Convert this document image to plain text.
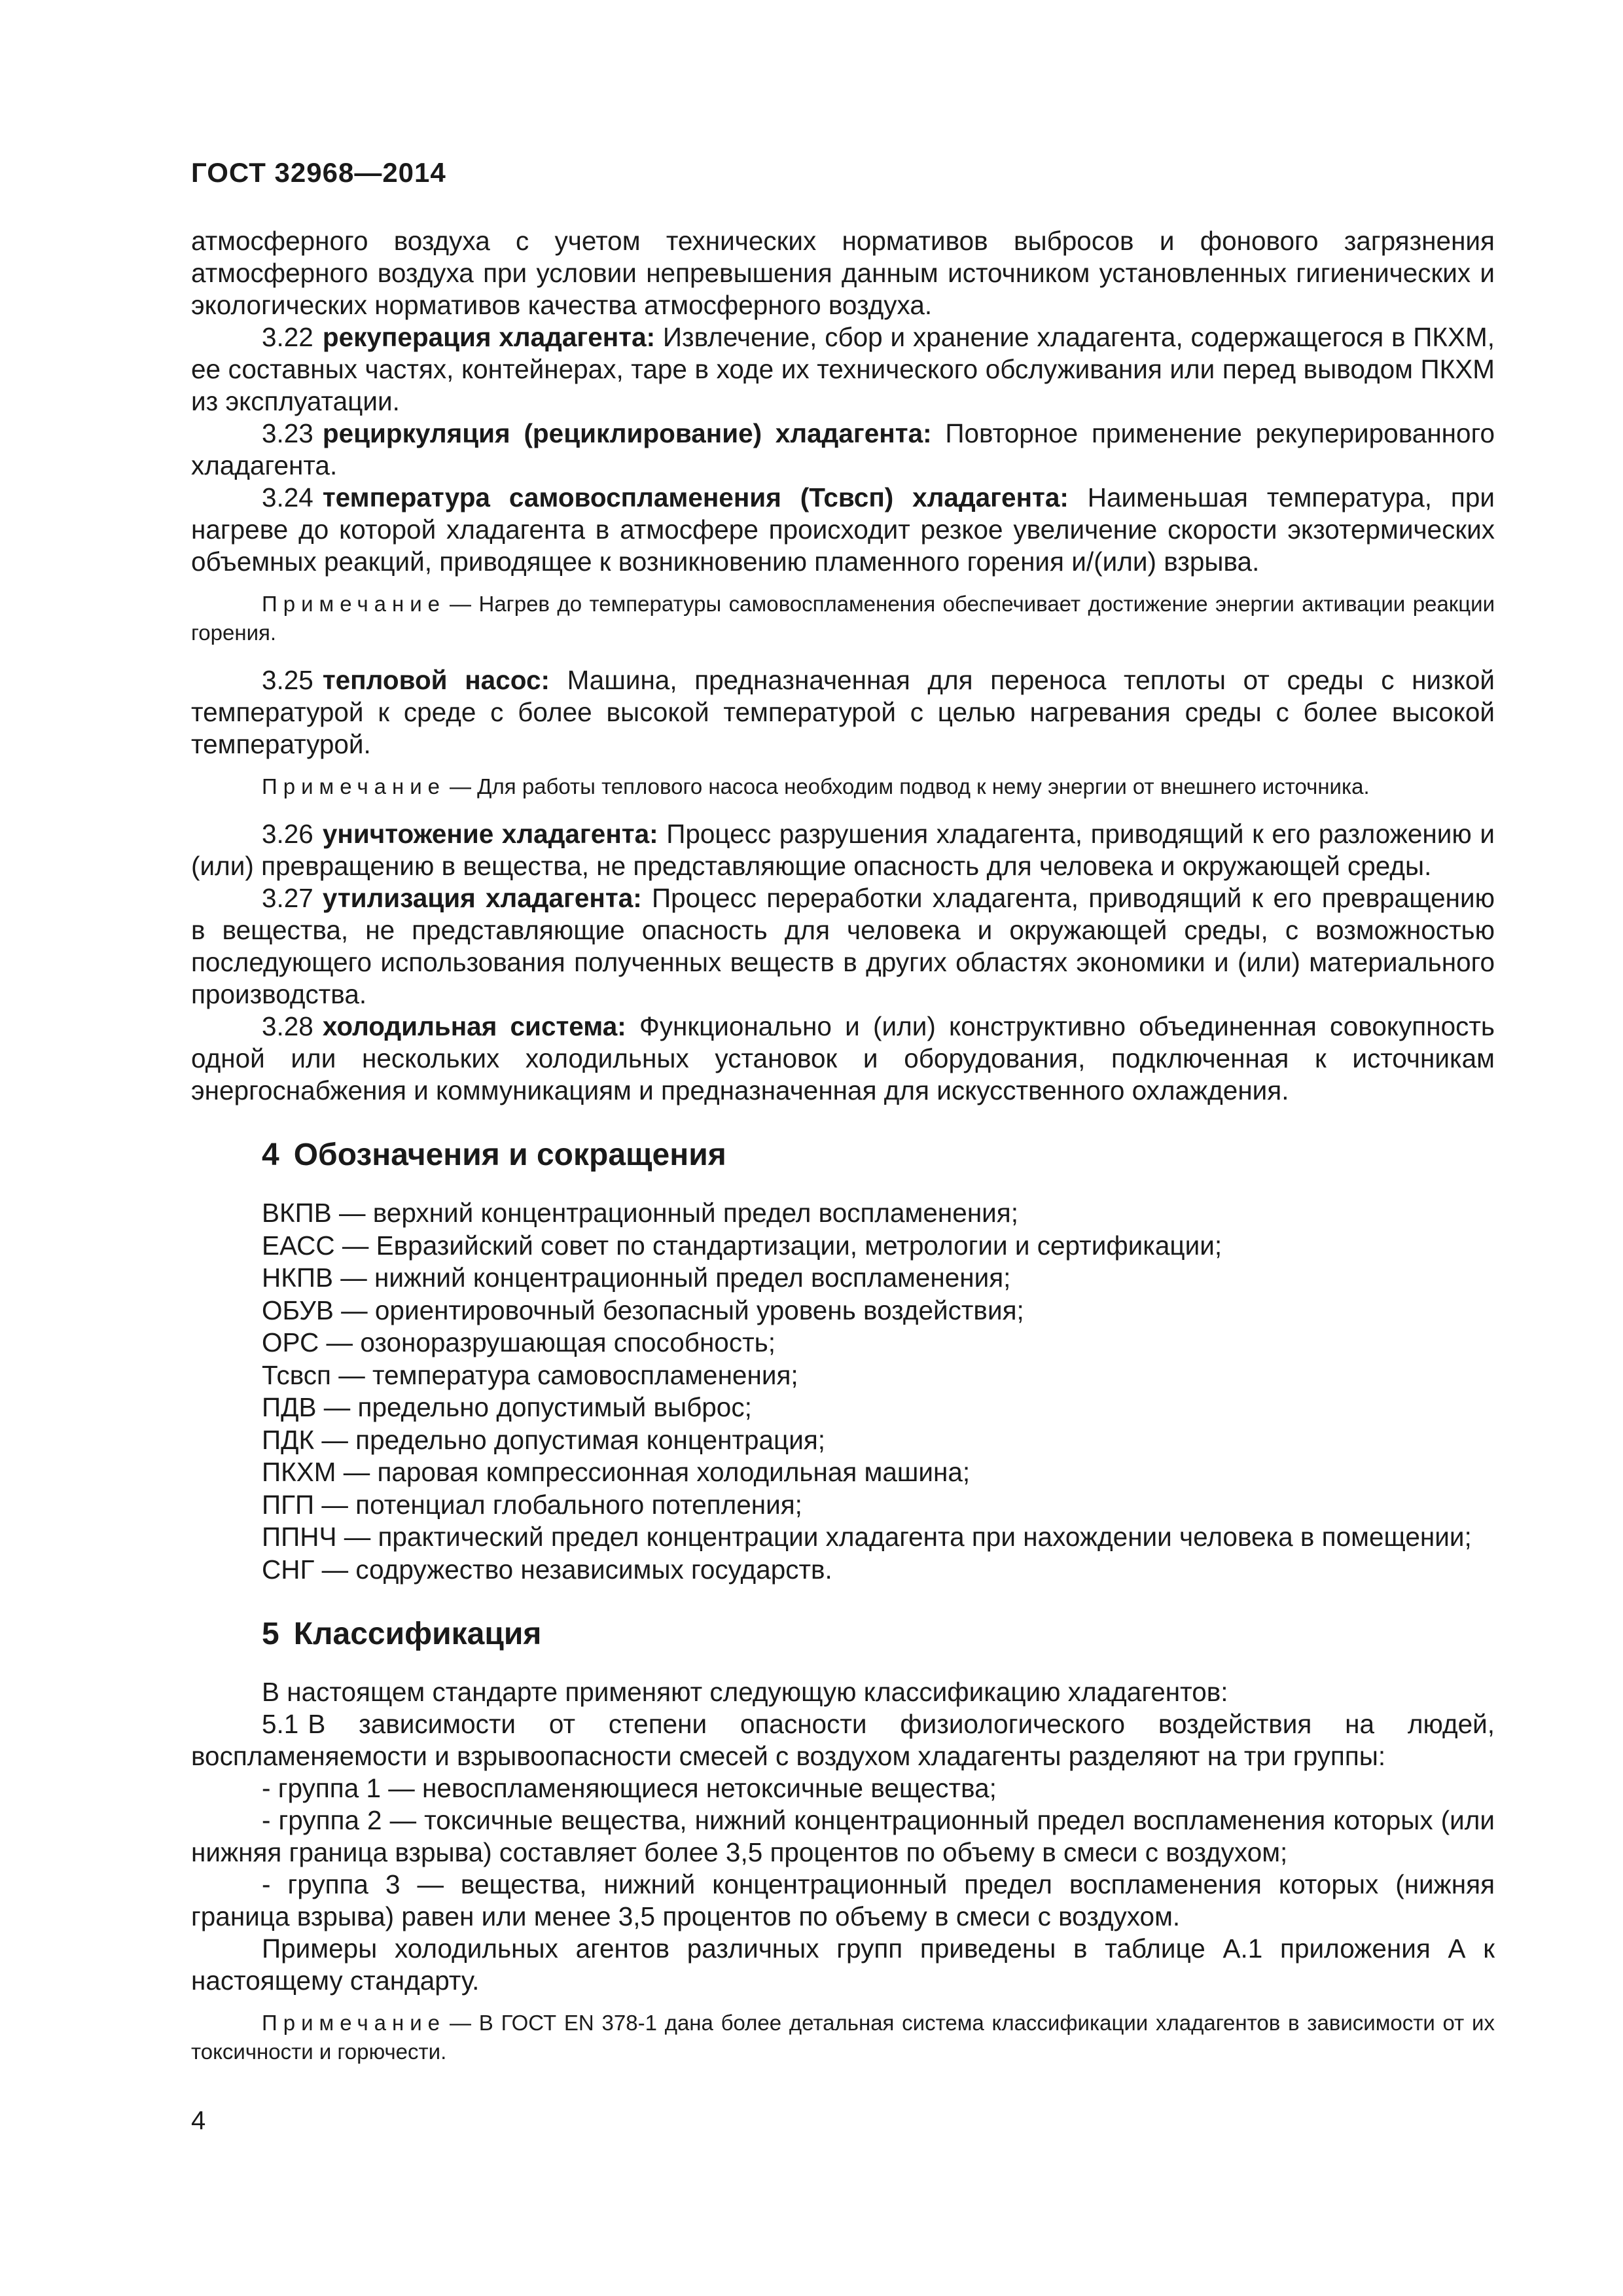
ГОСТ 32968—2014

атмосферного воздуха с учетом технических нормативов выбросов и фонового загрязнения атмосферного воздуха при условии непревышения данным источником установленных гигиенических и экологических нормативов качества атмосферного воздуха.

3.22 рекуперация хладагента: Извлечение, сбор и хранение хладагента, содержащегося в ПКХМ, ее составных частях, контейнерах, таре в ходе их технического обслуживания или перед выводом ПКХМ из эксплуатации.

3.23 рециркуляция (рециклирование) хладагента: Повторное применение рекуперированного хладагента.

3.24 температура самовоспламенения (Тсвсп) хладагента: Наименьшая температура, при нагреве до которой хладагента в атмосфере происходит резкое увеличение скорости экзотермических объемных реакций, приводящее к возникновению пламенного горения и/(или) взрыва.

Примечание — Нагрев до температуры самовоспламенения обеспечивает достижение энергии активации реакции горения.

3.25 тепловой насос: Машина, предназначенная для переноса теплоты от среды с низкой температурой к среде с более высокой температурой с целью нагревания среды с более высокой температурой.

Примечание — Для работы теплового насоса необходим подвод к нему энергии от внешнего источника.

3.26 уничтожение хладагента: Процесс разрушения хладагента, приводящий к его разложению и (или) превращению в вещества, не представляющие опасность для человека и окружающей среды.

3.27 утилизация хладагента: Процесс переработки хладагента, приводящий к его превращению в вещества, не представляющие опасность для человека и окружающей среды, с возможностью последующего использования полученных веществ в других областях экономики и (или) материального производства.

3.28 холодильная система: Функционально и (или) конструктивно объединенная совокупность одной или нескольких холодильных установок и оборудования, подключенная к источникам энергоснабжения и коммуникациям и предназначенная для искусственного охлаждения.

4 Обозначения и сокращения

ВКПВ — верхний концентрационный предел воспламенения;

ЕАСС — Евразийский совет по стандартизации, метрологии и сертификации;

НКПВ — нижний концентрационный предел воспламенения;

ОБУВ — ориентировочный безопасный уровень воздействия;

ОРС — озоноразрушающая способность;

Тсвсп — температура самовоспламенения;

ПДВ — предельно допустимый выброс;

ПДК — предельно допустимая концентрация;

ПКХМ — паровая компрессионная холодильная машина;

ПГП — потенциал глобального потепления;

ППНЧ — практический предел концентрации хладагента при нахождении человека в помещении;

СНГ — содружество независимых государств.

5 Классификация

В настоящем стандарте применяют следующую классификацию хладагентов:

5.1 В зависимости от степени опасности физиологического воздействия на людей, воспламеняемости и взрывоопасности смесей с воздухом хладагенты разделяют на три группы:

- группа 1 — невоспламеняющиеся нетоксичные вещества;

- группа 2 — токсичные вещества, нижний концентрационный предел воспламенения которых (или нижняя граница взрыва) составляет более 3,5 процентов по объему в смеси с воздухом;

- группа 3 — вещества, нижний концентрационный предел воспламенения которых (нижняя граница взрыва) равен или менее 3,5 процентов по объему в смеси с воздухом.

Примеры холодильных агентов различных групп приведены в таблице А.1 приложения А к настоящему стандарту.

Примечание — В ГОСТ EN 378-1 дана более детальная система классификации хладагентов в зависимости от их токсичности и горючести.

4
